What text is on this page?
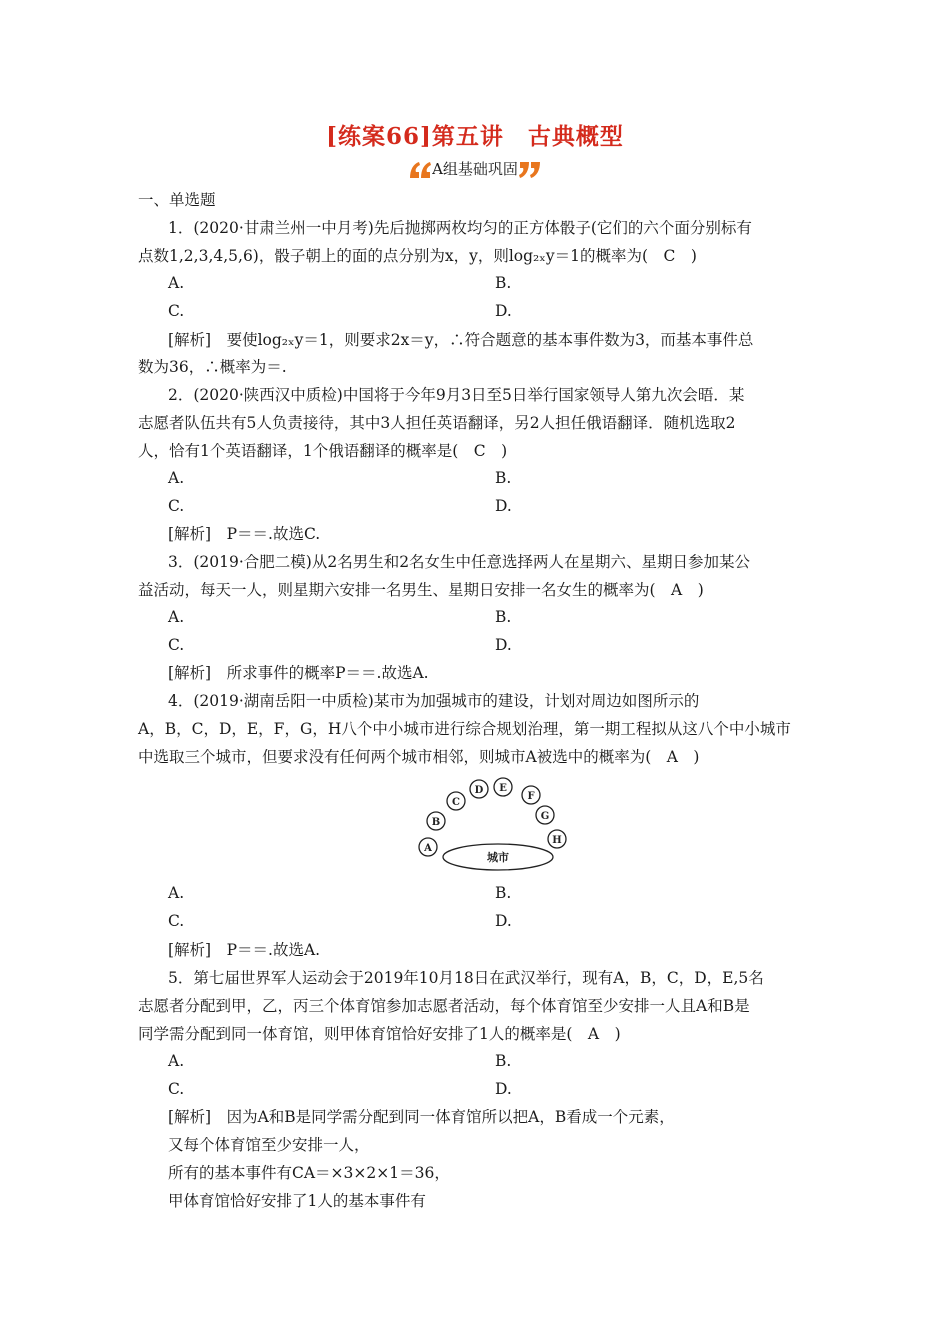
[练案66]第五讲　古典概型
A组基础巩固
一、单选题
1．(2020·甘肃兰州一中月考)先后抛掷两枚均匀的正方体骰子(它们的六个面分别标有
点数1,2,3,4,5,6)，骰子朝上的面的点分别为x，y，则log₂ₓy＝1的概率为(　C　)
A.	B.
C.	D.
[解析]　要使log₂ₓy＝1，则要求2x＝y，∴符合题意的基本事件数为3，而基本事件总
数为36，∴概率为＝.
2．(2020·陕西汉中质检)中国将于今年9月3日至5日举行国家领导人第九次会晤．某
志愿者队伍共有5人负责接待，其中3人担任英语翻译，另2人担任俄语翻译．随机选取2
人，恰有1个英语翻译，1个俄语翻译的概率是(　C　)
A.	B.
C.	D.
[解析]　P＝＝.故选C.
3．(2019·合肥二模)从2名男生和2名女生中任意选择两人在星期六、星期日参加某公
益活动，每天一人，则星期六安排一名男生、星期日安排一名女生的概率为(　A　)
A.	B.
C.	D.
[解析]　所求事件的概率P＝＝.故选A.
4．(2019·湖南岳阳一中质检)某市为加强城市的建设，计划对周边如图所示的
A，B，C，D，E，F，G，H八个中小城市进行综合规划治理，第一期工程拟从这八个中小城市
中选取三个城市，但要求没有任何两个城市相邻，则城市A被选中的概率为(　A　)
城市
A
B
C
D E
F
G
H
A.	B.
C.	D.
[解析]　P＝＝.故选A.
5．第七届世界军人运动会于2019年10月18日在武汉举行，现有A，B，C，D，E,5名
志愿者分配到甲，乙，丙三个体育馆参加志愿者活动，每个体育馆至少安排一人且A和B是
同学需分配到同一体育馆，则甲体育馆恰好安排了1人的概率是(　A　)
A.	B.
C.	D.
[解析]　因为A和B是同学需分配到同一体育馆所以把A，B看成一个元素，
又每个体育馆至少安排一人，
所有的基本事件有CA＝×3×2×1＝36，
甲体育馆恰好安排了1人的基本事件有
